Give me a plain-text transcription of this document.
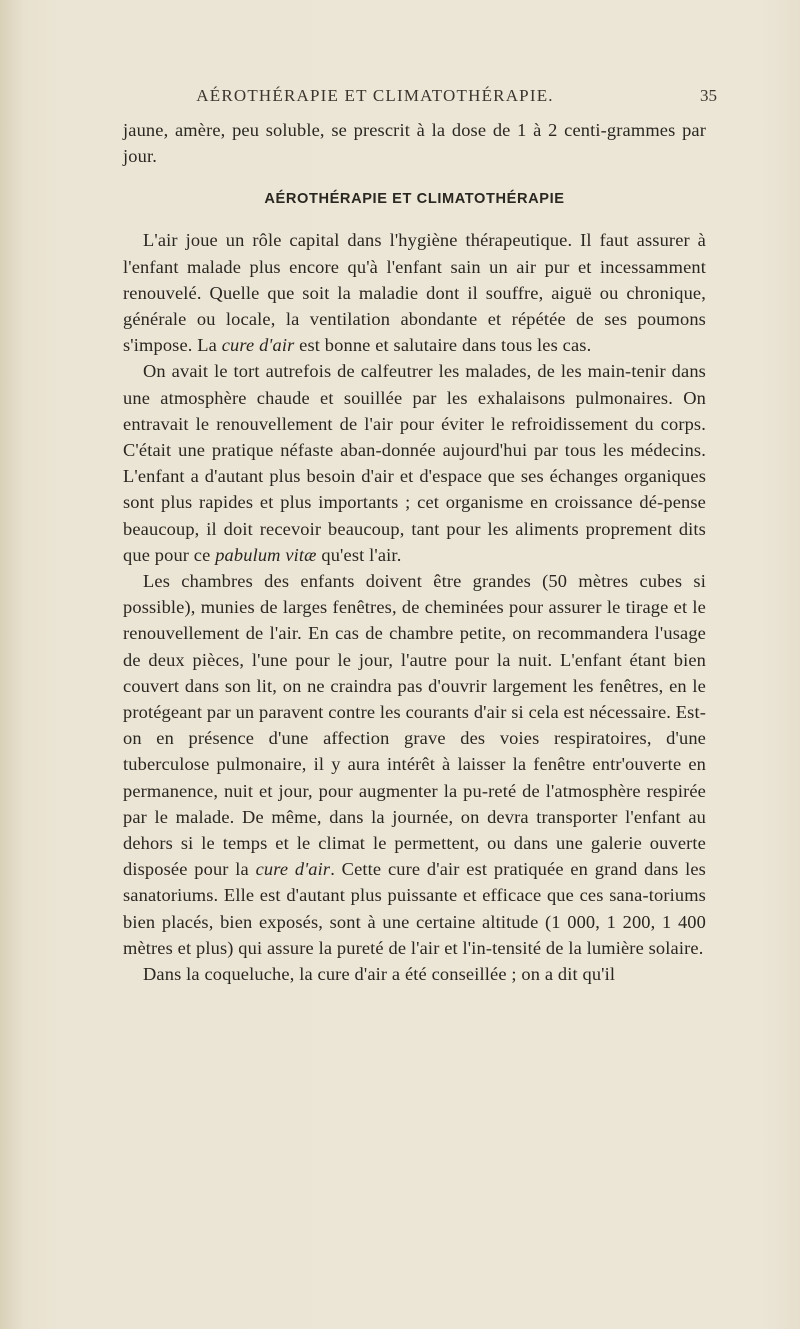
AÉROTHÉRAPIE ET CLIMATOTHÉRAPIE.	35

jaune, amère, peu soluble, se prescrit à la dose de 1 à 2 centi-grammes par jour.

AÉROTHÉRAPIE ET CLIMATOTHÉRAPIE

L'air joue un rôle capital dans l'hygiène thérapeutique. Il faut assurer à l'enfant malade plus encore qu'à l'enfant sain un air pur et incessamment renouvelé. Quelle que soit la maladie dont il souffre, aiguë ou chronique, générale ou locale, la ventilation abondante et répétée de ses poumons s'impose. La cure d'air est bonne et salutaire dans tous les cas.

On avait le tort autrefois de calfeutrer les malades, de les main-tenir dans une atmosphère chaude et souillée par les exhalaisons pulmonaires. On entravait le renouvellement de l'air pour éviter le refroidissement du corps. C'était une pratique néfaste aban-donnée aujourd'hui par tous les médecins. L'enfant a d'autant plus besoin d'air et d'espace que ses échanges organiques sont plus rapides et plus importants ; cet organisme en croissance dé-pense beaucoup, il doit recevoir beaucoup, tant pour les aliments proprement dits que pour ce pabulum vitæ qu'est l'air.

Les chambres des enfants doivent être grandes (50 mètres cubes si possible), munies de larges fenêtres, de cheminées pour assurer le tirage et le renouvellement de l'air. En cas de chambre petite, on recommandera l'usage de deux pièces, l'une pour le jour, l'autre pour la nuit. L'enfant étant bien couvert dans son lit, on ne craindra pas d'ouvrir largement les fenêtres, en le protégeant par un paravent contre les courants d'air si cela est nécessaire. Est-on en présence d'une affection grave des voies respiratoires, d'une tuberculose pulmonaire, il y aura intérêt à laisser la fenêtre entr'ouverte en permanence, nuit et jour, pour augmenter la pu-reté de l'atmosphère respirée par le malade. De même, dans la journée, on devra transporter l'enfant au dehors si le temps et le climat le permettent, ou dans une galerie ouverte disposée pour la cure d'air. Cette cure d'air est pratiquée en grand dans les sanatoriums. Elle est d'autant plus puissante et efficace que ces sana-toriums bien placés, bien exposés, sont à une certaine altitude (1 000, 1 200, 1 400 mètres et plus) qui assure la pureté de l'air et l'in-tensité de la lumière solaire.

Dans la coqueluche, la cure d'air a été conseillée ; on a dit qu'il
